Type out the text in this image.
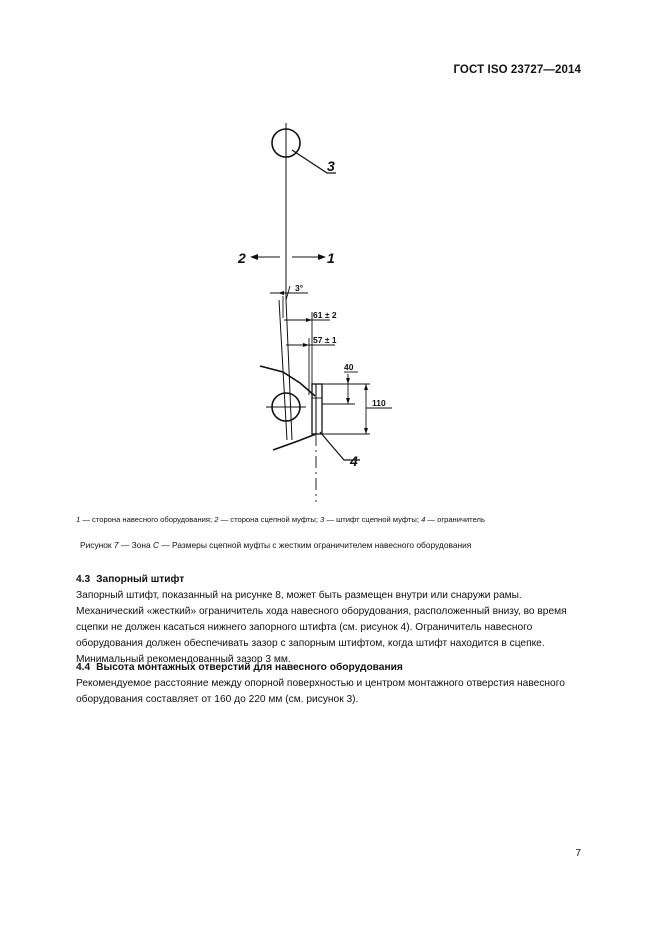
ГОСТ ISO 23727—2014
3
2	1
3°
61 ± 2
57 ± 1
40
110
4
1 — сторона навесного оборудования; 2 — сторона сцепной муфты; 3 — штифт сцепной муфты; 4 — ограничитель
Рисунок 7 — Зона С — Размеры сцепной муфты с жестким ограничителем навесного оборудования
4.3 Запорный штифт
Запорный штифт, показанный на рисунке 8, может быть размещен внутри или снаружи рамы.
Механический «жесткий» ограничитель хода навесного оборудования, расположенный внизу, во время сцепки не должен касаться нижнего запорного штифта (см. рисунок 4). Ограничитель навесного оборудования должен обеспечивать зазор с запорным штифтом, когда штифт находится в сцепке. Минимальный рекомендованный зазор 3 мм.
4.4 Высота монтажных отверстий для навесного оборудования
Рекомендуемое расстояние между опорной поверхностью и центром монтажного отверстия навесного оборудования составляет от 160 до 220 мм (см. рисунок 3).
7
